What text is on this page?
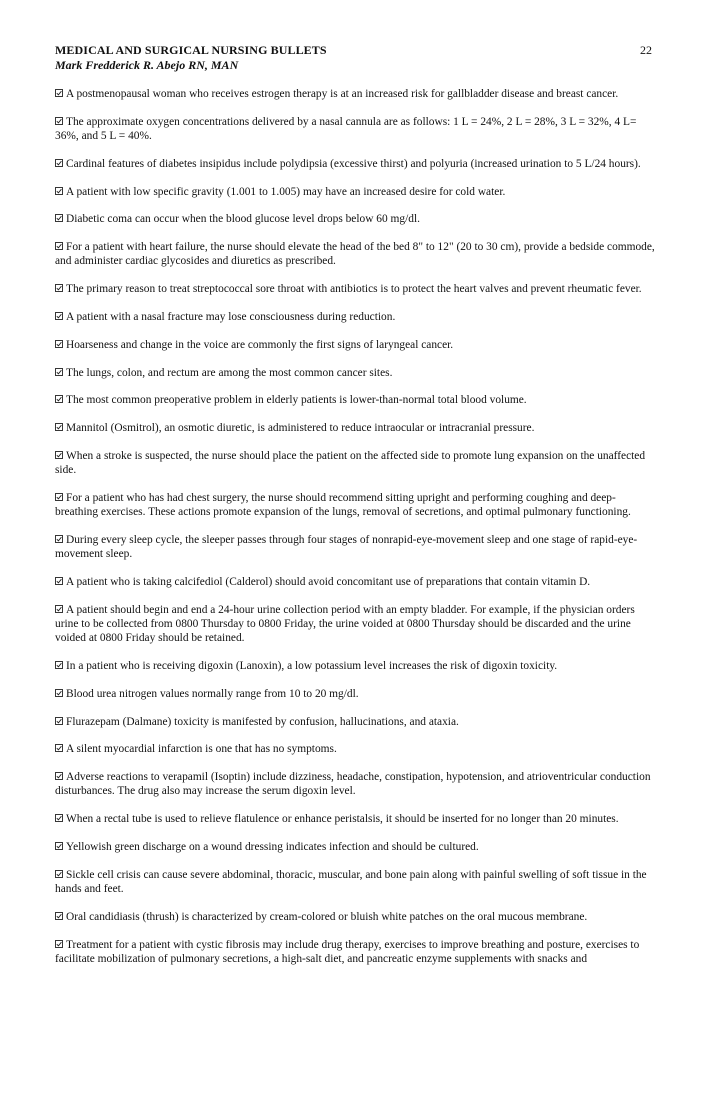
MEDICAL AND SURGICAL NURSING BULLETS
Mark Fredderick R. Abejo RN, MAN
22
A postmenopausal woman who receives estrogen therapy is at an increased risk for gallbladder disease and breast cancer.
The approximate oxygen concentrations delivered by a nasal cannula are as follows: 1 L = 24%, 2 L = 28%, 3 L = 32%, 4 L= 36%, and 5 L = 40%.
Cardinal features of diabetes insipidus include polydipsia (excessive thirst) and polyuria (increased urination to 5 L/24 hours).
A patient with low specific gravity (1.001 to 1.005) may have an increased desire for cold water.
Diabetic coma can occur when the blood glucose level drops below 60 mg/dl.
For a patient with heart failure, the nurse should elevate the head of the bed 8" to 12" (20 to 30 cm), provide a bedside commode, and administer cardiac glycosides and diuretics as prescribed.
The primary reason to treat streptococcal sore throat with antibiotics is to protect the heart valves and prevent rheumatic fever.
A patient with a nasal fracture may lose consciousness during reduction.
Hoarseness and change in the voice are commonly the first signs of laryngeal cancer.
The lungs, colon, and rectum are among the most common cancer sites.
The most common preoperative problem in elderly patients is lower-than-normal total blood volume.
Mannitol (Osmitrol), an osmotic diuretic, is administered to reduce intraocular or intracranial pressure.
When a stroke is suspected, the nurse should place the patient on the affected side to promote lung expansion on the unaffected side.
For a patient who has had chest surgery, the nurse should recommend sitting upright and performing coughing and deep-breathing exercises. These actions promote expansion of the lungs, removal of secretions, and optimal pulmonary functioning.
During every sleep cycle, the sleeper passes through four stages of nonrapid-eye-movement sleep and one stage of rapid-eye-movement sleep.
A patient who is taking calcifediol (Calderol) should avoid concomitant use of preparations that contain vitamin D.
A patient should begin and end a 24-hour urine collection period with an empty bladder. For example, if the physician orders urine to be collected from 0800 Thursday to 0800 Friday, the urine voided at 0800 Thursday should be discarded and the urine voided at 0800 Friday should be retained.
In a patient who is receiving digoxin (Lanoxin), a low potassium level increases the risk of digoxin toxicity.
Blood urea nitrogen values normally range from 10 to 20 mg/dl.
Flurazepam (Dalmane) toxicity is manifested by confusion, hallucinations, and ataxia.
A silent myocardial infarction is one that has no symptoms.
Adverse reactions to verapamil (Isoptin) include dizziness, headache, constipation, hypotension, and atrioventricular conduction disturbances. The drug also may increase the serum digoxin level.
When a rectal tube is used to relieve flatulence or enhance peristalsis, it should be inserted for no longer than 20 minutes.
Yellowish green discharge on a wound dressing indicates infection and should be cultured.
Sickle cell crisis can cause severe abdominal, thoracic, muscular, and bone pain along with painful swelling of soft tissue in the hands and feet.
Oral candidiasis (thrush) is characterized by cream-colored or bluish white patches on the oral mucous membrane.
Treatment for a patient with cystic fibrosis may include drug therapy, exercises to improve breathing and posture, exercises to facilitate mobilization of pulmonary secretions, a high-salt diet, and pancreatic enzyme supplements with snacks and
